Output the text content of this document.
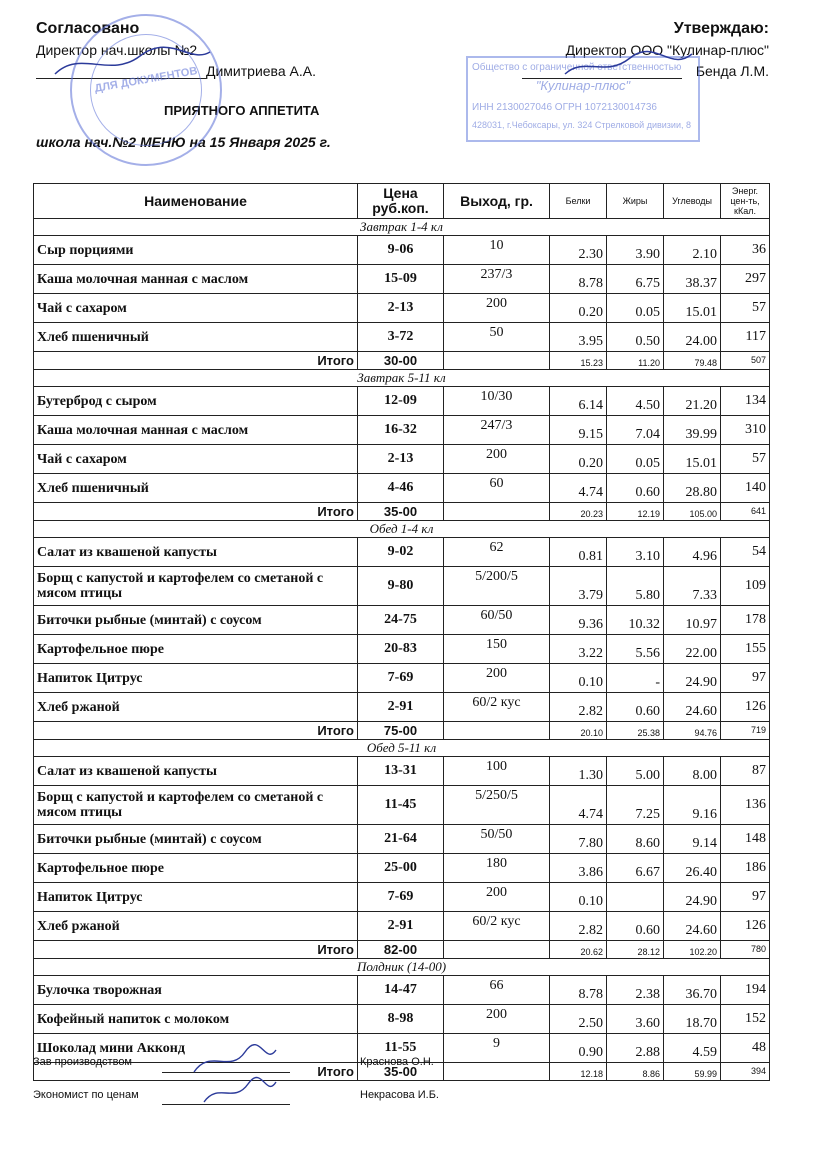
Согласовано
Директор нач.школы №2
Димитриева А.А.
Утверждаю:
Директор ООО "Кулинар-плюс"
Бенда Л.М.
ПРИЯТНОГО АППЕТИТА
школа нач.№2 МЕНЮ на 15 Января 2025 г.
ДЛЯ ДОКУМЕНТОВ	Общество с ограниченной ответственностью
"Кулинар-плюс"
ИНН 2130027046 ОГРН 1072130014736
428031, г.Чебоксары, ул. 324 Стрелковой дивизии, 8
Наименование	Цена руб.коп.	Выход, гр.	Белки	Жиры	Углеводы	Энерг. цен-ть, кКал.
Завтрак 1-4 кл						
Сыр порциями	9-06	10	2.30	3.90	2.10	36
Каша молочная манная с маслом	15-09	237/3	8.78	6.75	38.37	297
Чай с сахаром	2-13	200	0.20	0.05	15.01	57
Хлеб пшеничный	3-72	50	3.95	0.50	24.00	117
Итого	30-00		15.23	11.20	79.48	507
Завтрак 5-11 кл						
Бутерброд с сыром	12-09	10/30	6.14	4.50	21.20	134
Каша молочная манная с маслом	16-32	247/3	9.15	7.04	39.99	310
Чай с сахаром	2-13	200	0.20	0.05	15.01	57
Хлеб пшеничный	4-46	60	4.74	0.60	28.80	140
Итого	35-00		20.23	12.19	105.00	641
Обед 1-4 кл						
Салат из квашеной капусты	9-02	62	0.81	3.10	4.96	54
Борщ с капустой и картофелем со сметаной с мясом птицы	9-80	5/200/5	3.79	5.80	7.33	109
Биточки рыбные (минтай) с соусом	24-75	60/50	9.36	10.32	10.97	178
Картофельное пюре	20-83	150	3.22	5.56	22.00	155
Напиток Цитрус	7-69	200	0.10	-	24.90	97
Хлеб ржаной	2-91	60/2 кус	2.82	0.60	24.60	126
Итого	75-00		20.10	25.38	94.76	719
Обед 5-11 кл						
Салат из квашеной капусты	13-31	100	1.30	5.00	8.00	87
Борщ с капустой и картофелем со сметаной с мясом птицы	11-45	5/250/5	4.74	7.25	9.16	136
Биточки рыбные (минтай) с соусом	21-64	50/50	7.80	8.60	9.14	148
Картофельное пюре	25-00	180	3.86	6.67	26.40	186
Напиток Цитрус	7-69	200	0.10		24.90	97
Хлеб ржаной	2-91	60/2 кус	2.82	0.60	24.60	126
Итого	82-00		20.62	28.12	102.20	780
Полдник (14-00)						
Булочка творожная	14-47	66	8.78	2.38	36.70	194
Кофейный напиток с молоком	8-98	200	2.50	3.60	18.70	152
Шоколад мини Акконд	11-55	9	0.90	2.88	4.59	48
Итого	35-00		12.18	8.86	59.99	394
Зав производством	Краснова О.Н.
Экономист по ценам	Некрасова И.Б.
